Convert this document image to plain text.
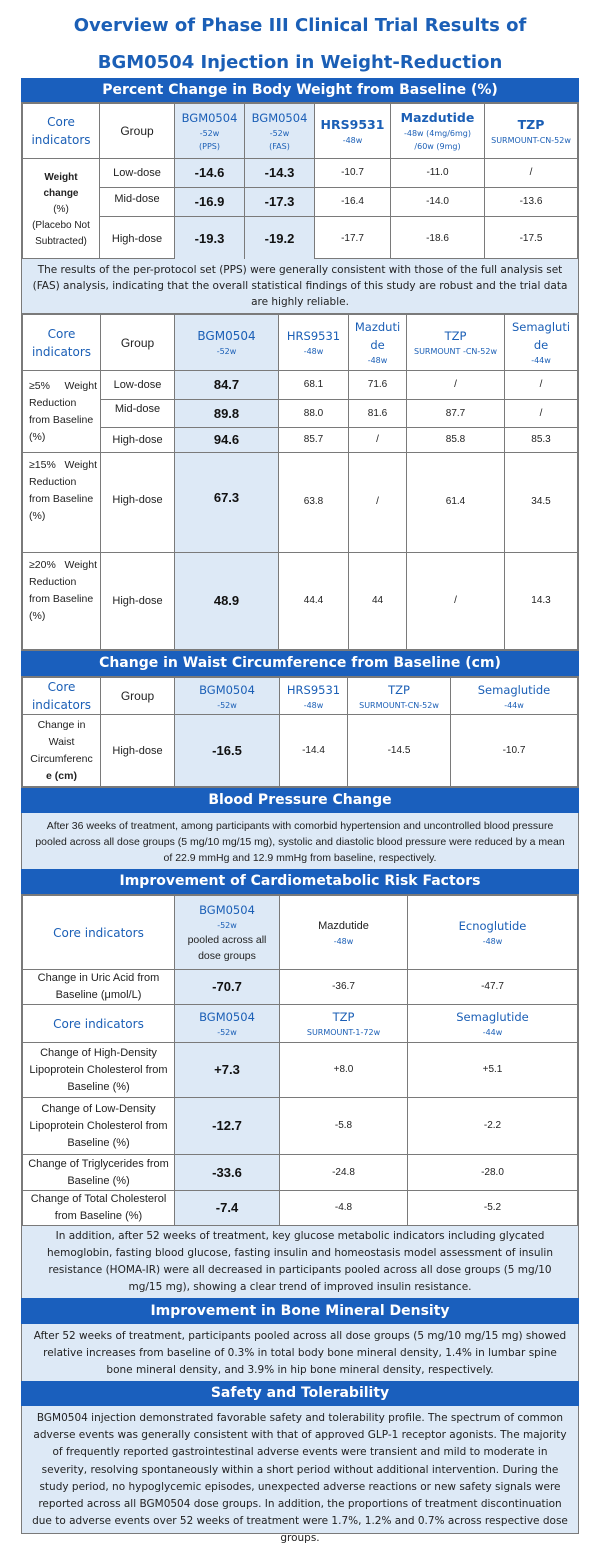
Overview of Phase III Clinical Trial Results of
BGM0504 Injection in Weight-Reduction
Percent Change in Body Weight from Baseline (%)
Core indicators	Group	BGM0504
-52w
(PPS)	BGM0504
-52w
(FAS)	HRS9531
-48w	Mazdutide
-48w (4mg/6mg)
/60w (9mg)	TZP
SURMOUNT-CN-52w

Weight
change
(%)
(Placebo Not
Subtracted)	Low-dose	-14.6	-14.3	-10.7	-11.0	/
	Mid-dose	-16.9	-17.3	-16.4	-14.0	-13.6
	High-dose	-19.3	-19.2	-17.7	-18.6	-17.5
The results of the per-protocol set (PPS) were generally consistent with those of the full analysis set (FAS) analysis, indicating that the overall statistical findings of this study are robust and the trial data are highly reliable.
Core indicators	Group	BGM0504
-52w	HRS9531
-48w	Mazduti
de
-48w	TZP
SURMOUNT -CN-52w	Semagluti
de
-44w

≥5% Weight
Reduction
from Baseline
(%)	Low-dose	84.7	68.1	71.6	/	/
	Mid-dose	89.8	88.0	81.6	87.7	/
	High-dose	94.6	85.7	/	85.8	85.3

≥15% Weight
Reduction
from Baseline
(%)	High-dose	67.3	63.8	/	61.4	34.5

≥20% Weight
Reduction
from Baseline
(%)	High-dose	48.9	44.4	44	/	14.3
Change in Waist Circumference from Baseline (cm)
Core indicators	Group	BGM0504
-52w	HRS9531
-48w	TZP
SURMOUNT-CN-52w	Semaglutide
-44w

Change in
Waist
Circumferenc
e (cm)	High-dose	-16.5	-14.4	-14.5	-10.7
Blood Pressure Change
After 36 weeks of treatment, among participants with comorbid hypertension and uncontrolled blood pressure pooled across all dose groups (5 mg/10 mg/15 mg), systolic and diastolic blood pressure were reduced by a mean of 22.9 mmHg and 12.9 mmHg from baseline, respectively.
Improvement of Cardiometabolic Risk Factors
Core indicators	BGM0504
-52w
pooled across all dose groups	Mazdutide
-48w	Ecnoglutide
-48w

Change in Uric Acid from Baseline (μmol/L)	-70.7	-36.7	-47.7
Core indicators	BGM0504
-52w	TZP
SURMOUNT-1-72w	Semaglutide
-44w

Change of High-Density Lipoprotein Cholesterol from Baseline (%)	+7.3	+8.0	+5.1
Change of Low-Density Lipoprotein Cholesterol from Baseline (%)	-12.7	-5.8	-2.2
Change of Triglycerides from Baseline (%)	-33.6	-24.8	-28.0
Change of Total Cholesterol from Baseline (%)	-7.4	-4.8	-5.2
In addition, after 52 weeks of treatment, key glucose metabolic indicators including glycated hemoglobin, fasting blood glucose, fasting insulin and homeostasis model assessment of insulin resistance (HOMA-IR) were all decreased in participants pooled across all dose groups (5 mg/10 mg/15 mg), showing a clear trend of improved insulin resistance.
Improvement in Bone Mineral Density
After 52 weeks of treatment, participants pooled across all dose groups (5 mg/10 mg/15 mg) showed relative increases from baseline of 0.3% in total body bone mineral density, 1.4% in lumbar spine bone mineral density, and 3.9% in hip bone mineral density, respectively.
Safety and Tolerability
BGM0504 injection demonstrated favorable safety and tolerability profile. The spectrum of common adverse events was generally consistent with that of approved GLP-1 receptor agonists. The majority of frequently reported gastrointestinal adverse events were transient and mild to moderate in severity, resolving spontaneously within a short period without additional intervention. During the study period, no hypoglycemic episodes, unexpected adverse reactions or new safety signals were reported across all BGM0504 dose groups. In addition, the proportions of treatment discontinuation due to adverse events over 52 weeks of treatment were 1.7%, 1.2% and 0.7% across respective dose groups.
